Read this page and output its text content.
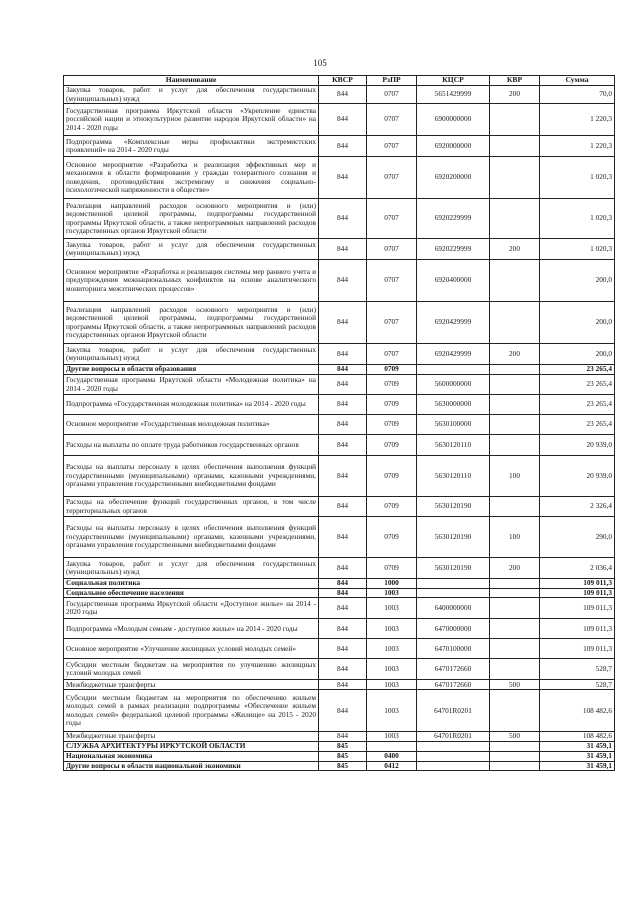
105
Наименование	КВСР	РзПР	КЦСР	КВР	Сумма
Закупка товаров, работ и услуг для обеспечения государственных (муниципальных) нужд	844	0707	5651429999	200	70,0
Государственная программа Иркутской области «Укрепление единства российской нации и этнокультурное развитие народов Иркутской области» на 2014 - 2020 годы	844	0707	6900000000		1 220,3
Подпрограмма «Комплексные меры профилактики экстремистских проявлений» на 2014 - 2020 годы	844	0707	6920000000		1 220,3
Основное мероприятие «Разработка и реализация эффективных мер и механизмов в области формирования у граждан толерантного сознания и поведения, противодействия экстремизму и снижения социально-психологической напряженности в обществе»	844	0707	6920200000		1 020,3
Реализация направлений расходов основного мероприятия и (или) ведомственной целевой программы, подпрограммы государственной программы Иркутской области, а также непрограммных направлений расходов государственных органов Иркутской области	844	0707	6920229999		1 020,3
Закупка товаров, работ и услуг для обеспечения государственных (муниципальных) нужд	844	0707	6920229999	200	1 020,3
Основное мероприятие «Разработка и реализация системы мер раннего учета и предупреждения межнациональных конфликтов на основе аналитического мониторинга межэтнических процессов»	844	0707	6920400000		200,0
Реализация направлений расходов основного мероприятия и (или) ведомственной целевой программы, подпрограммы государственной программы Иркутской области, а также непрограммных направлений расходов государственных органов Иркутской области	844	0707	6920429999		200,0
Закупка товаров, работ и услуг для обеспечения государственных (муниципальных) нужд	844	0707	6920429999	200	200,0
Другие вопросы в области образования	844	0709			23 265,4
Государственная программа Иркутской области «Молодежная политика» на 2014 - 2020 годы	844	0709	5600000000		23 265,4
Подпрограмма «Государственная молодежная политика» на 2014 - 2020 годы	844	0709	5630000000		23 265,4
Основное мероприятие «Государственная молодежная политика»	844	0709	5630100000		23 265,4
Расходы на выплаты по оплате труда работников государственных органов	844	0709	5630120110		20 939,0
Расходы на выплаты персоналу в целях обеспечения выполнения функций государственными (муниципальными) органами, казенными учреждениями, органами управления государственными внебюджетными фондами	844	0709	5630120110	100	20 939,0
Расходы на обеспечение функций государственных органов, в том числе территориальных органов	844	0709	5630120190		2 326,4
Расходы на выплаты персоналу в целях обеспечения выполнения функций государственными (муниципальными) органами, казенными учреждениями, органами управления государственными внебюджетными фондами	844	0709	5630120190	100	290,0
Закупка товаров, работ и услуг для обеспечения государственных (муниципальных) нужд	844	0709	5630120190	200	2 036,4
Социальная политика	844	1000			109 011,3
Социальное обеспечение населения	844	1003			109 011,3
Государственная программа Иркутской области «Доступное жилье» на 2014 - 2020 годы	844	1003	6400000000		109 011,3
Подпрограмма «Молодым семьям - доступное жилье» на 2014 - 2020 годы	844	1003	6470000000		109 011,3
Основное мероприятие «Улучшение жилищных условий молодых семей»	844	1003	6470100000		109 011,3
Субсидии местным бюджетам на мероприятия по улучшению жилищных условий молодых семей	844	1003	6470172660		528,7
Межбюджетные трансферты	844	1003	6470172660	500	528,7
Субсидии местным бюджетам на мероприятия по обеспечению жильем молодых семей в рамках реализации подпрограммы «Обеспечение жильем молодых семей» федеральной целевой программы «Жилище» на 2015 - 2020 годы	844	1003	64701R0201		108 482,6
Межбюджетные трансферты	844	1003	64701R0201	500	108 482,6
СЛУЖБА АРХИТЕКТУРЫ ИРКУТСКОЙ ОБЛАСТИ	845				31 459,1
Национальная экономика	845	0400			31 459,1
Другие вопросы в области национальной экономики	845	0412			31 459,1
